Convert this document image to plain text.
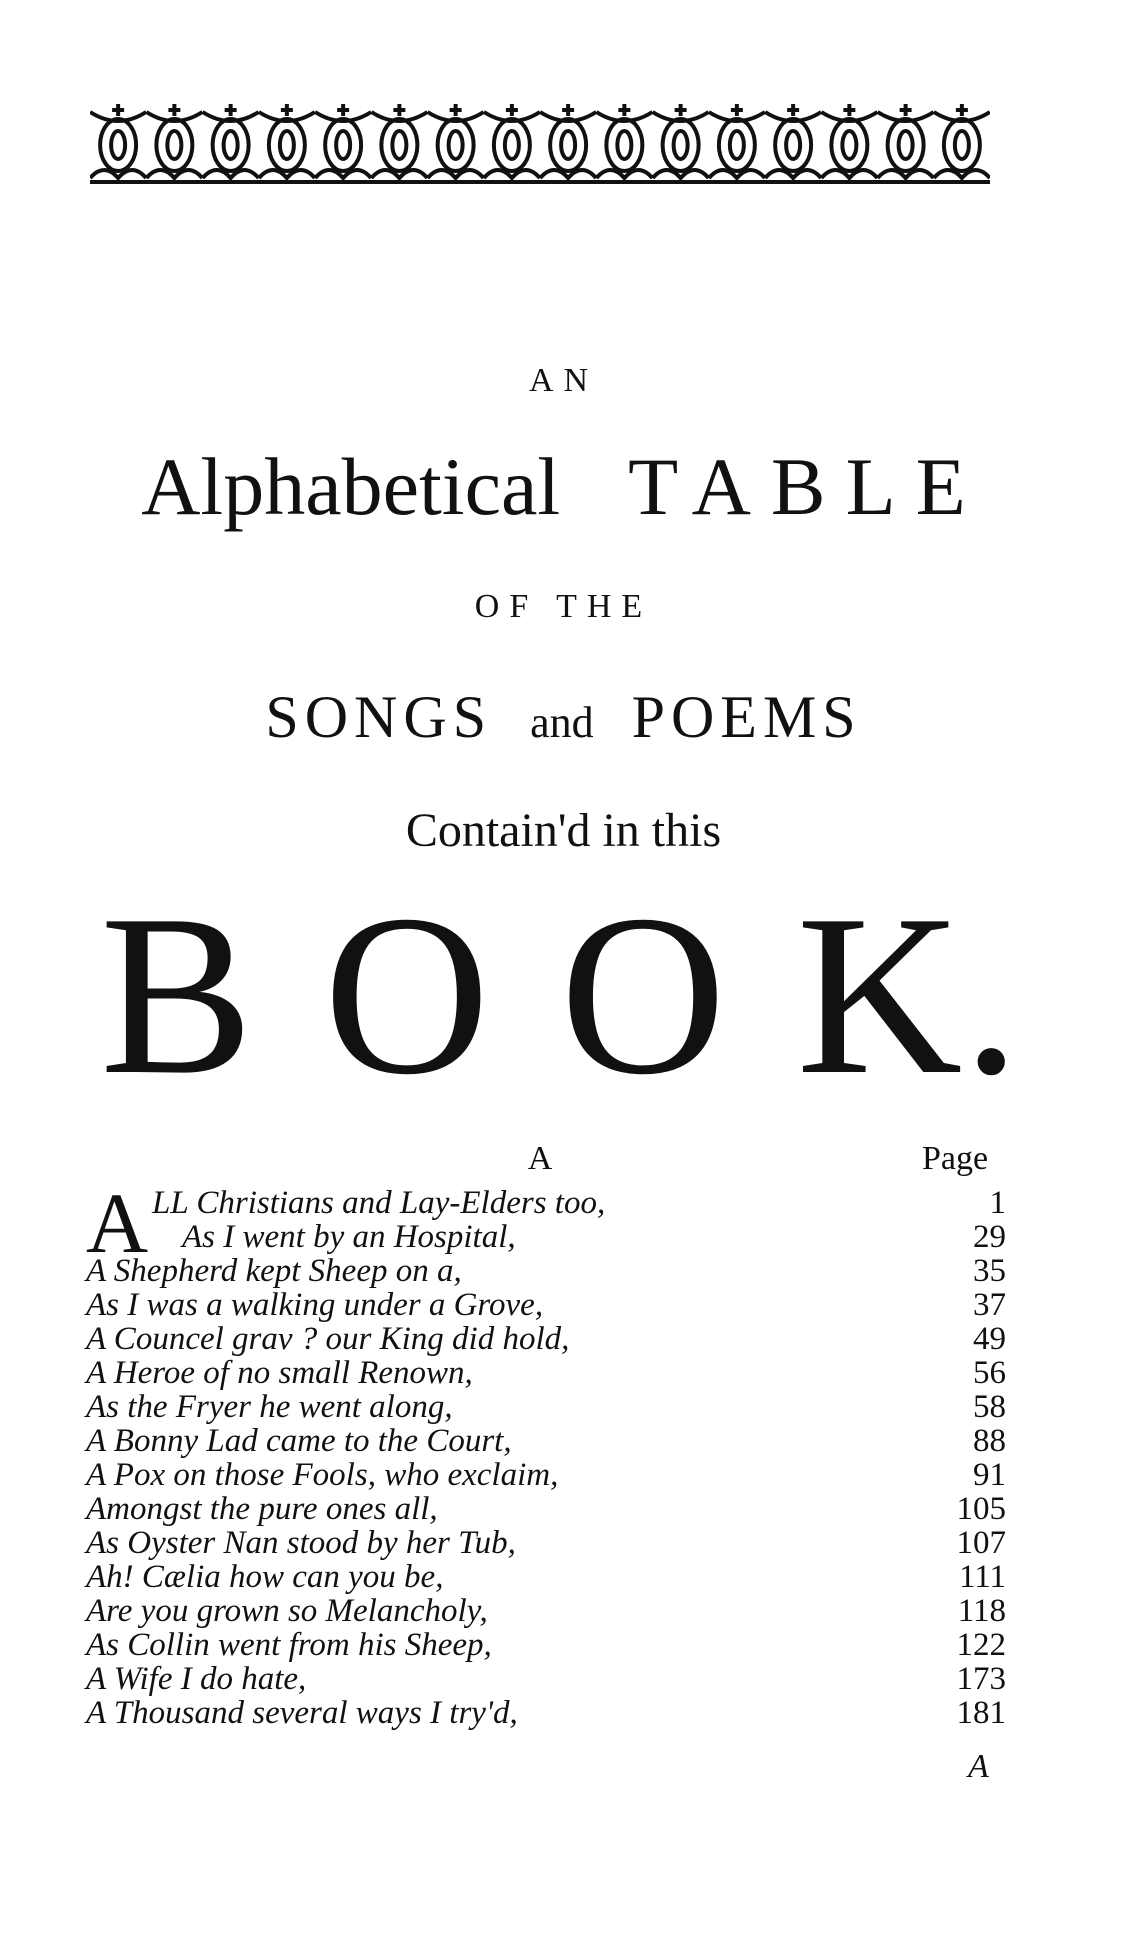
AN
Alphabetical TABLE
OF THE
SONGS and POEMS
Contain'd in this
B O O K.
A	Page
A LL Christians and Lay-Elders too,	1
As I went by an Hospital,	29
A Shepherd kept Sheep on a,	35
As I was a walking under a Grove,	37
A Councel grav ? our King did hold,	49
A Heroe of no small Renown,	56
As the Fryer he went along,	58
A Bonny Lad came to the Court,	88
A Pox on those Fools, who exclaim,	91
Amongst the pure ones all,	105
As Oyster Nan stood by her Tub,	107
Ah! Cælia how can you be,	111
Are you grown so Melancholy,	118
As Collin went from his Sheep,	122
A Wife I do hate,	173
A Thousand several ways I try'd,	181
A
